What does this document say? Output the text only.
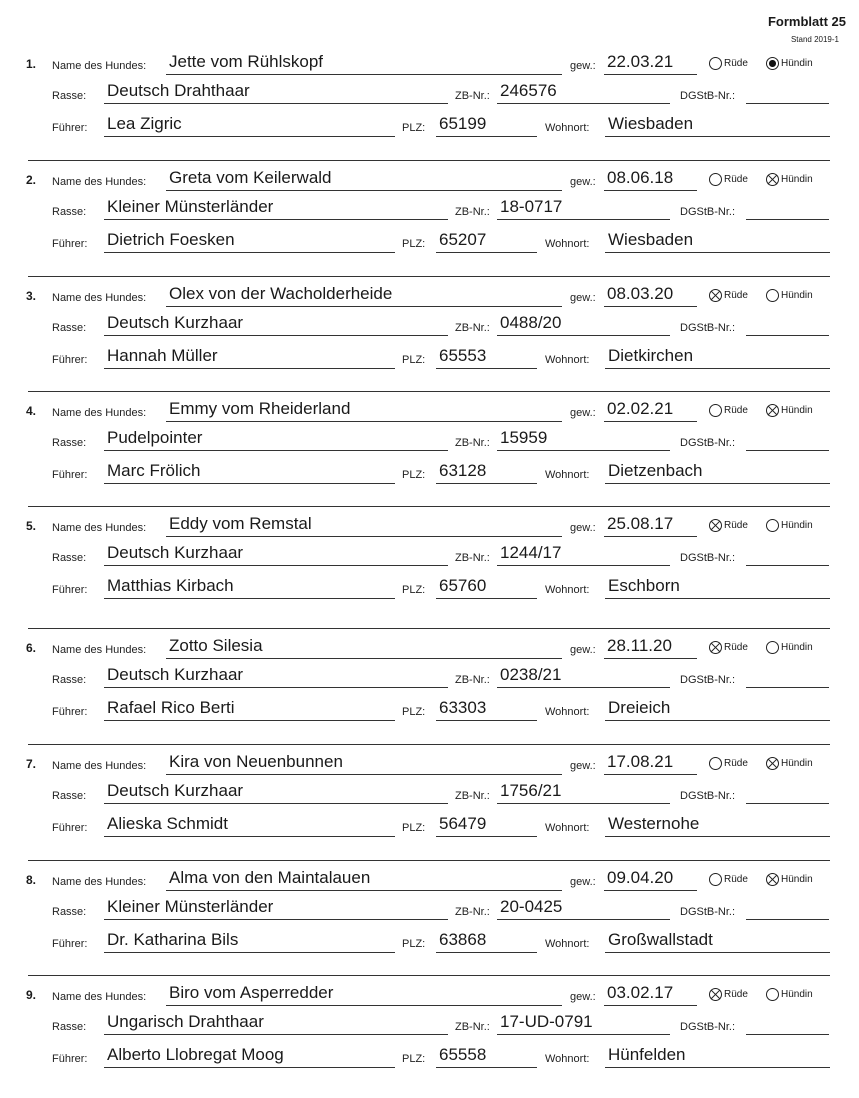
Formblatt 25
Stand 2019-1
1. Name des Hundes: Jette vom Rühlskopf	gew.: 22.03.21	Rüde	Hündin
Rasse: Deutsch Drahthaar	ZB-Nr.: 246576	DGStB-Nr.:
Führer: Lea Zigric	PLZ: 65199	Wohnort: Wiesbaden
2. Name des Hundes: Greta vom Keilerwald	gew.: 08.06.18	Rüde	Hündin
Rasse: Kleiner Münsterländer	ZB-Nr.: 18-0717	DGStB-Nr.:
Führer: Dietrich Foesken	PLZ: 65207	Wohnort: Wiesbaden
3. Name des Hundes: Olex von der Wacholderheide	gew.: 08.03.20	Rüde	Hündin
Rasse: Deutsch Kurzhaar	ZB-Nr.: 0488/20	DGStB-Nr.:
Führer: Hannah Müller	PLZ: 65553	Wohnort: Dietkirchen
4. Name des Hundes: Emmy vom Rheiderland	gew.: 02.02.21	Rüde	Hündin
Rasse: Pudelpointer	ZB-Nr.: 15959	DGStB-Nr.:
Führer: Marc Frölich	PLZ: 63128	Wohnort: Dietzenbach
5. Name des Hundes: Eddy vom Remstal	gew.: 25.08.17	Rüde	Hündin
Rasse: Deutsch Kurzhaar	ZB-Nr.: 1244/17	DGStB-Nr.:
Führer: Matthias Kirbach	PLZ: 65760	Wohnort: Eschborn
6. Name des Hundes: Zotto Silesia	gew.: 28.11.20	Rüde	Hündin
Rasse: Deutsch Kurzhaar	ZB-Nr.: 0238/21	DGStB-Nr.:
Führer: Rafael Rico Berti	PLZ: 63303	Wohnort: Dreieich
7. Name des Hundes: Kira von Neuenbunnen	gew.: 17.08.21	Rüde	Hündin
Rasse: Deutsch Kurzhaar	ZB-Nr.: 1756/21	DGStB-Nr.:
Führer: Alieska Schmidt	PLZ: 56479	Wohnort: Westernohe
8. Name des Hundes: Alma von den Maintalauen	gew.: 09.04.20	Rüde	Hündin
Rasse: Kleiner Münsterländer	ZB-Nr.: 20-0425	DGStB-Nr.:
Führer: Dr. Katharina Bils	PLZ: 63868	Wohnort: Großwallstadt
9. Name des Hundes: Biro vom Asperredder	gew.: 03.02.17	Rüde	Hündin
Rasse: Ungarisch Drahthaar	ZB-Nr.: 17-UD-0791	DGStB-Nr.:
Führer: Alberto Llobregat Moog	PLZ: 65558	Wohnort: Hünfelden
